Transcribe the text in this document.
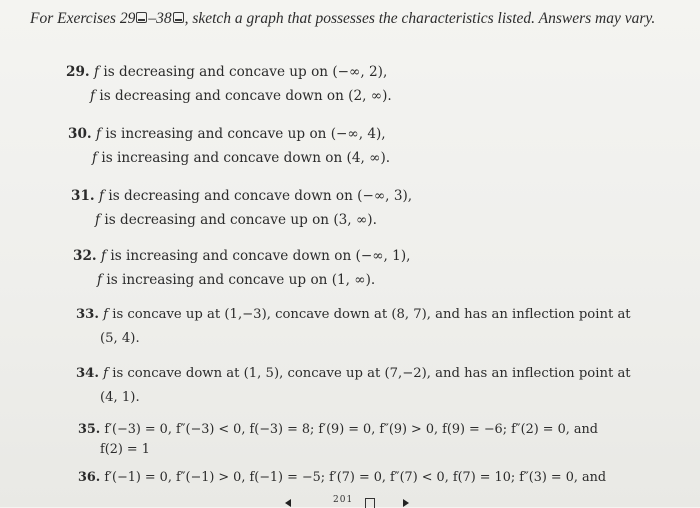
For Exercises 29 –38 , sketch a graph that possesses the characteristics listed. Answers may vary.
29. f is decreasing and concave up on (−∞, 2),
f is decreasing and concave down on (2, ∞).
30. f is increasing and concave up on (−∞, 4),
f is increasing and concave down on (4, ∞).
31. f is decreasing and concave down on (−∞, 3),
f is decreasing and concave up on (3, ∞).
32. f is increasing and concave down on (−∞, 1),
f is increasing and concave up on (1, ∞).
33. f is concave up at (1,−3), concave down at (8, 7), and has an inflection point at
(5, 4).
34. f is concave down at (1, 5), concave up at (7,−2), and has an inflection point at
(4, 1).
35. f′(−3) = 0, f″(−3) < 0, f(−3) = 8; f′(9) = 0, f″(9) > 0, f(9) = −6; f″(2) = 0, and
f(2) = 1
36. f′(−1) = 0, f″(−1) > 0, f(−1) = −5; f′(7) = 0, f″(7) < 0, f(7) = 10; f″(3) = 0, and
201
